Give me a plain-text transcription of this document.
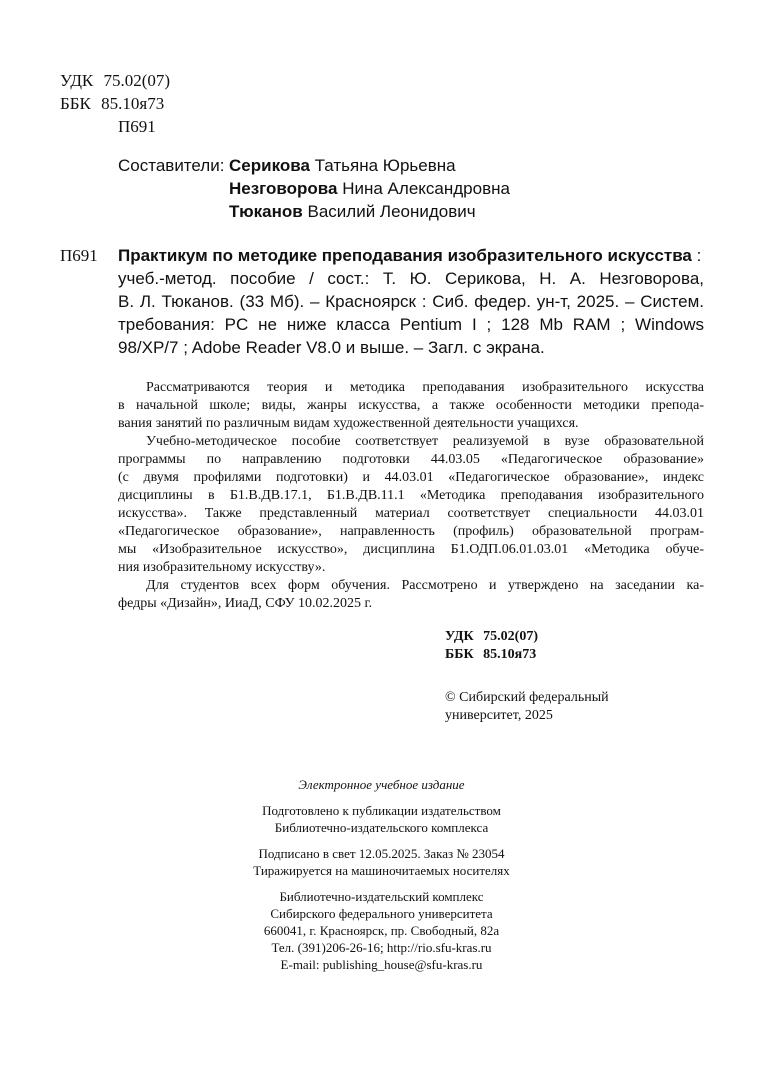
УДК 75.02(07)
ББК 85.10я73
П691
Составители: Серикова Татьяна Юрьевна
Незговорова Нина Александровна
Тюканов Василий Леонидович
П691 Практикум по методике преподавания изобразительного искусства :
учеб.-метод. пособие / сост.: Т. Ю. Серикова, Н. А. Незговорова,
В. Л. Тюканов. (33 Мб). – Красноярск : Сиб. федер. ун-т, 2025. – Систем.
требования: PC не ниже класса Pentium I ; 128 Mb RAM ; Windows
98/XP/7 ; Adobe Reader V8.0 и выше. – Загл. с экрана.
Рассматриваются теория и методика преподавания изобразительного искусства
в начальной школе; виды, жанры искусства, а также особенности методики препода-
вания занятий по различным видам художественной деятельности учащихся.
Учебно-методическое пособие соответствует реализуемой в вузе образовательной
программы по направлению подготовки 44.03.05 «Педагогическое образование»
(с двумя профилями подготовки) и 44.03.01 «Педагогическое образование», индекс
дисциплины в Б1.В.ДВ.17.1, Б1.В.ДВ.11.1 «Методика преподавания изобразительного
искусства». Также представленный материал соответствует специальности 44.03.01
«Педагогическое образование», направленность (профиль) образовательной програм-
мы «Изобразительное искусство», дисциплина Б1.ОДП.06.01.03.01 «Методика обуче-
ния изобразительному искусству».
Для студентов всех форм обучения. Рассмотрено и утверждено на заседании ка-
федры «Дизайн», ИиаД, СФУ 10.02.2025 г.
УДК 75.02(07)
ББК 85.10я73
© Сибирский федеральный
университет, 2025
Электронное учебное издание
Подготовлено к публикации издательством
Библиотечно-издательского комплекса
Подписано в свет 12.05.2025. Заказ № 23054
Тиражируется на машиночитаемых носителях
Библиотечно-издательский комплекс
Сибирского федерального университета
660041, г. Красноярск, пр. Свободный, 82а
Тел. (391)206-26-16; http://rio.sfu-kras.ru
E-mail: publishing_house@sfu-kras.ru
